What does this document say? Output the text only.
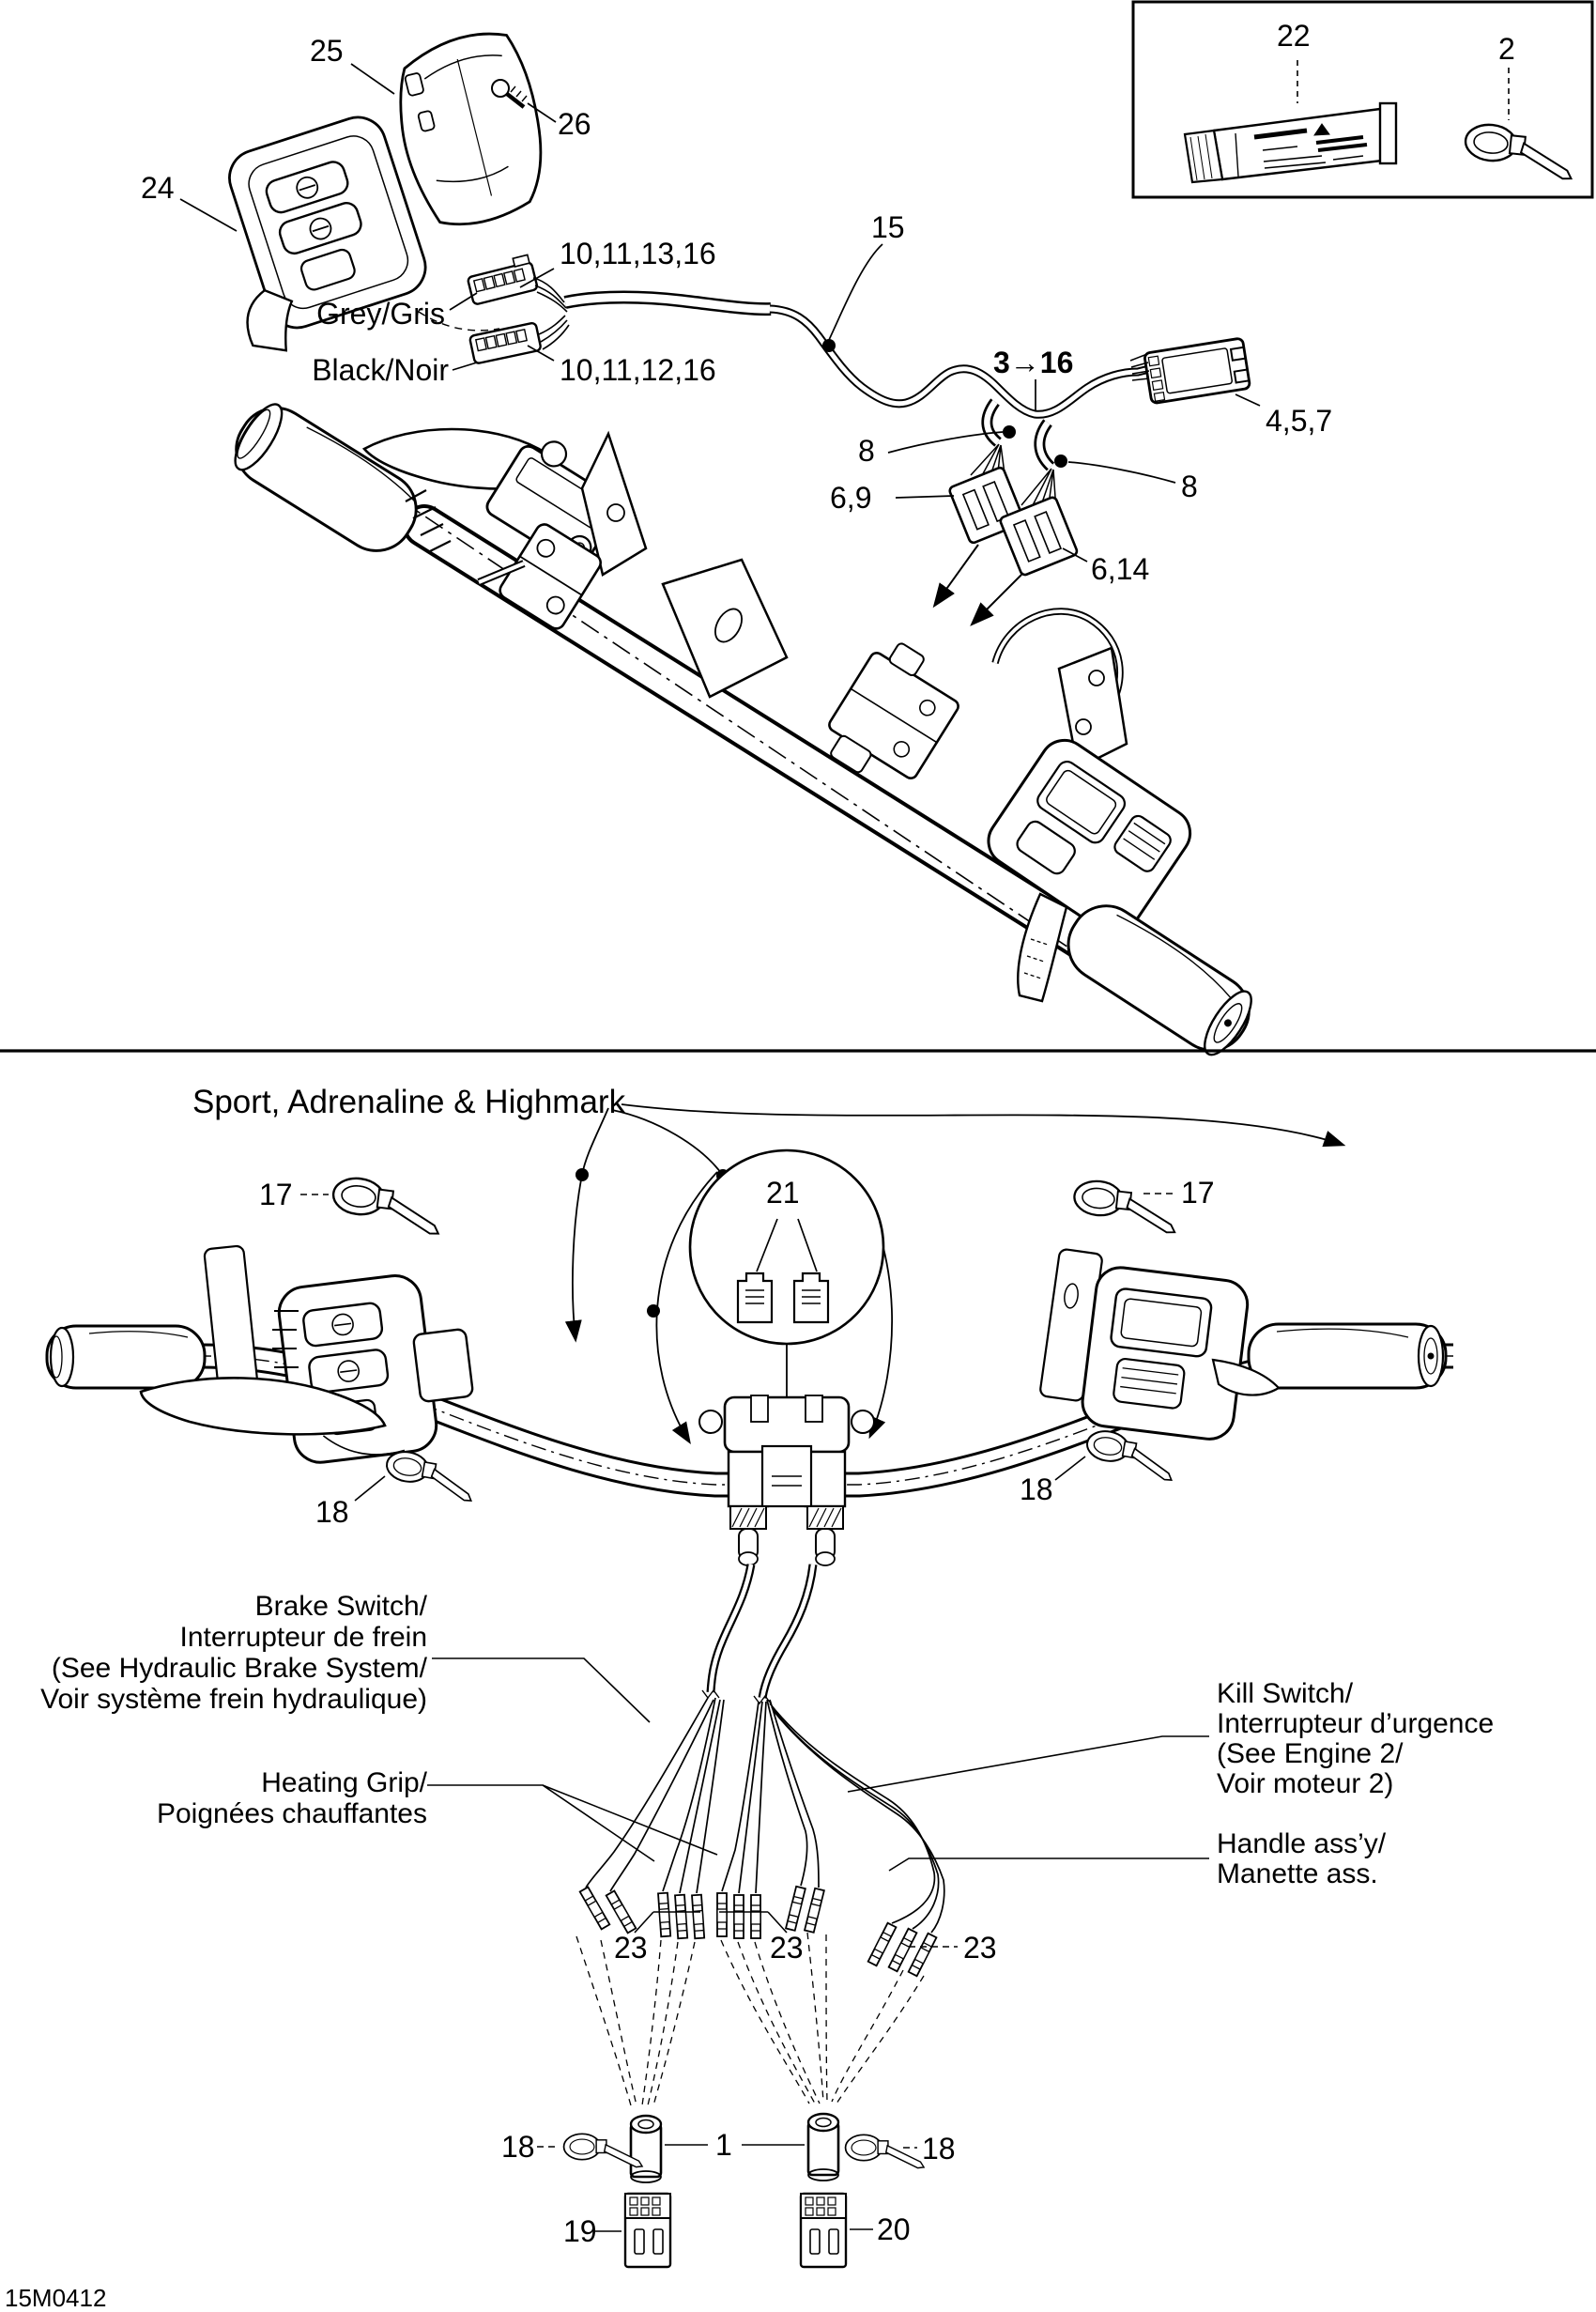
22	2
25
26
24
Grey/Gris
10,11,13,16
Black/Noir	10,11,12,16
15
3→16
4,5,7
8
6,9	8
6,14
Sport, Adrenaline & Highmark
17	17
21
18
18
Brake Switch/
Interrupteur de frein
(See Hydraulic Brake System/
Voir système frein hydraulique)
Heating Grip/
Poignées chauffantes
Kill Switch/
Interrupteur d’urgence
(See Engine 2/
Voir moteur 2)
Handle ass’y/
Manette ass.
23	23	23
18	1	18
19	20
15M0412
